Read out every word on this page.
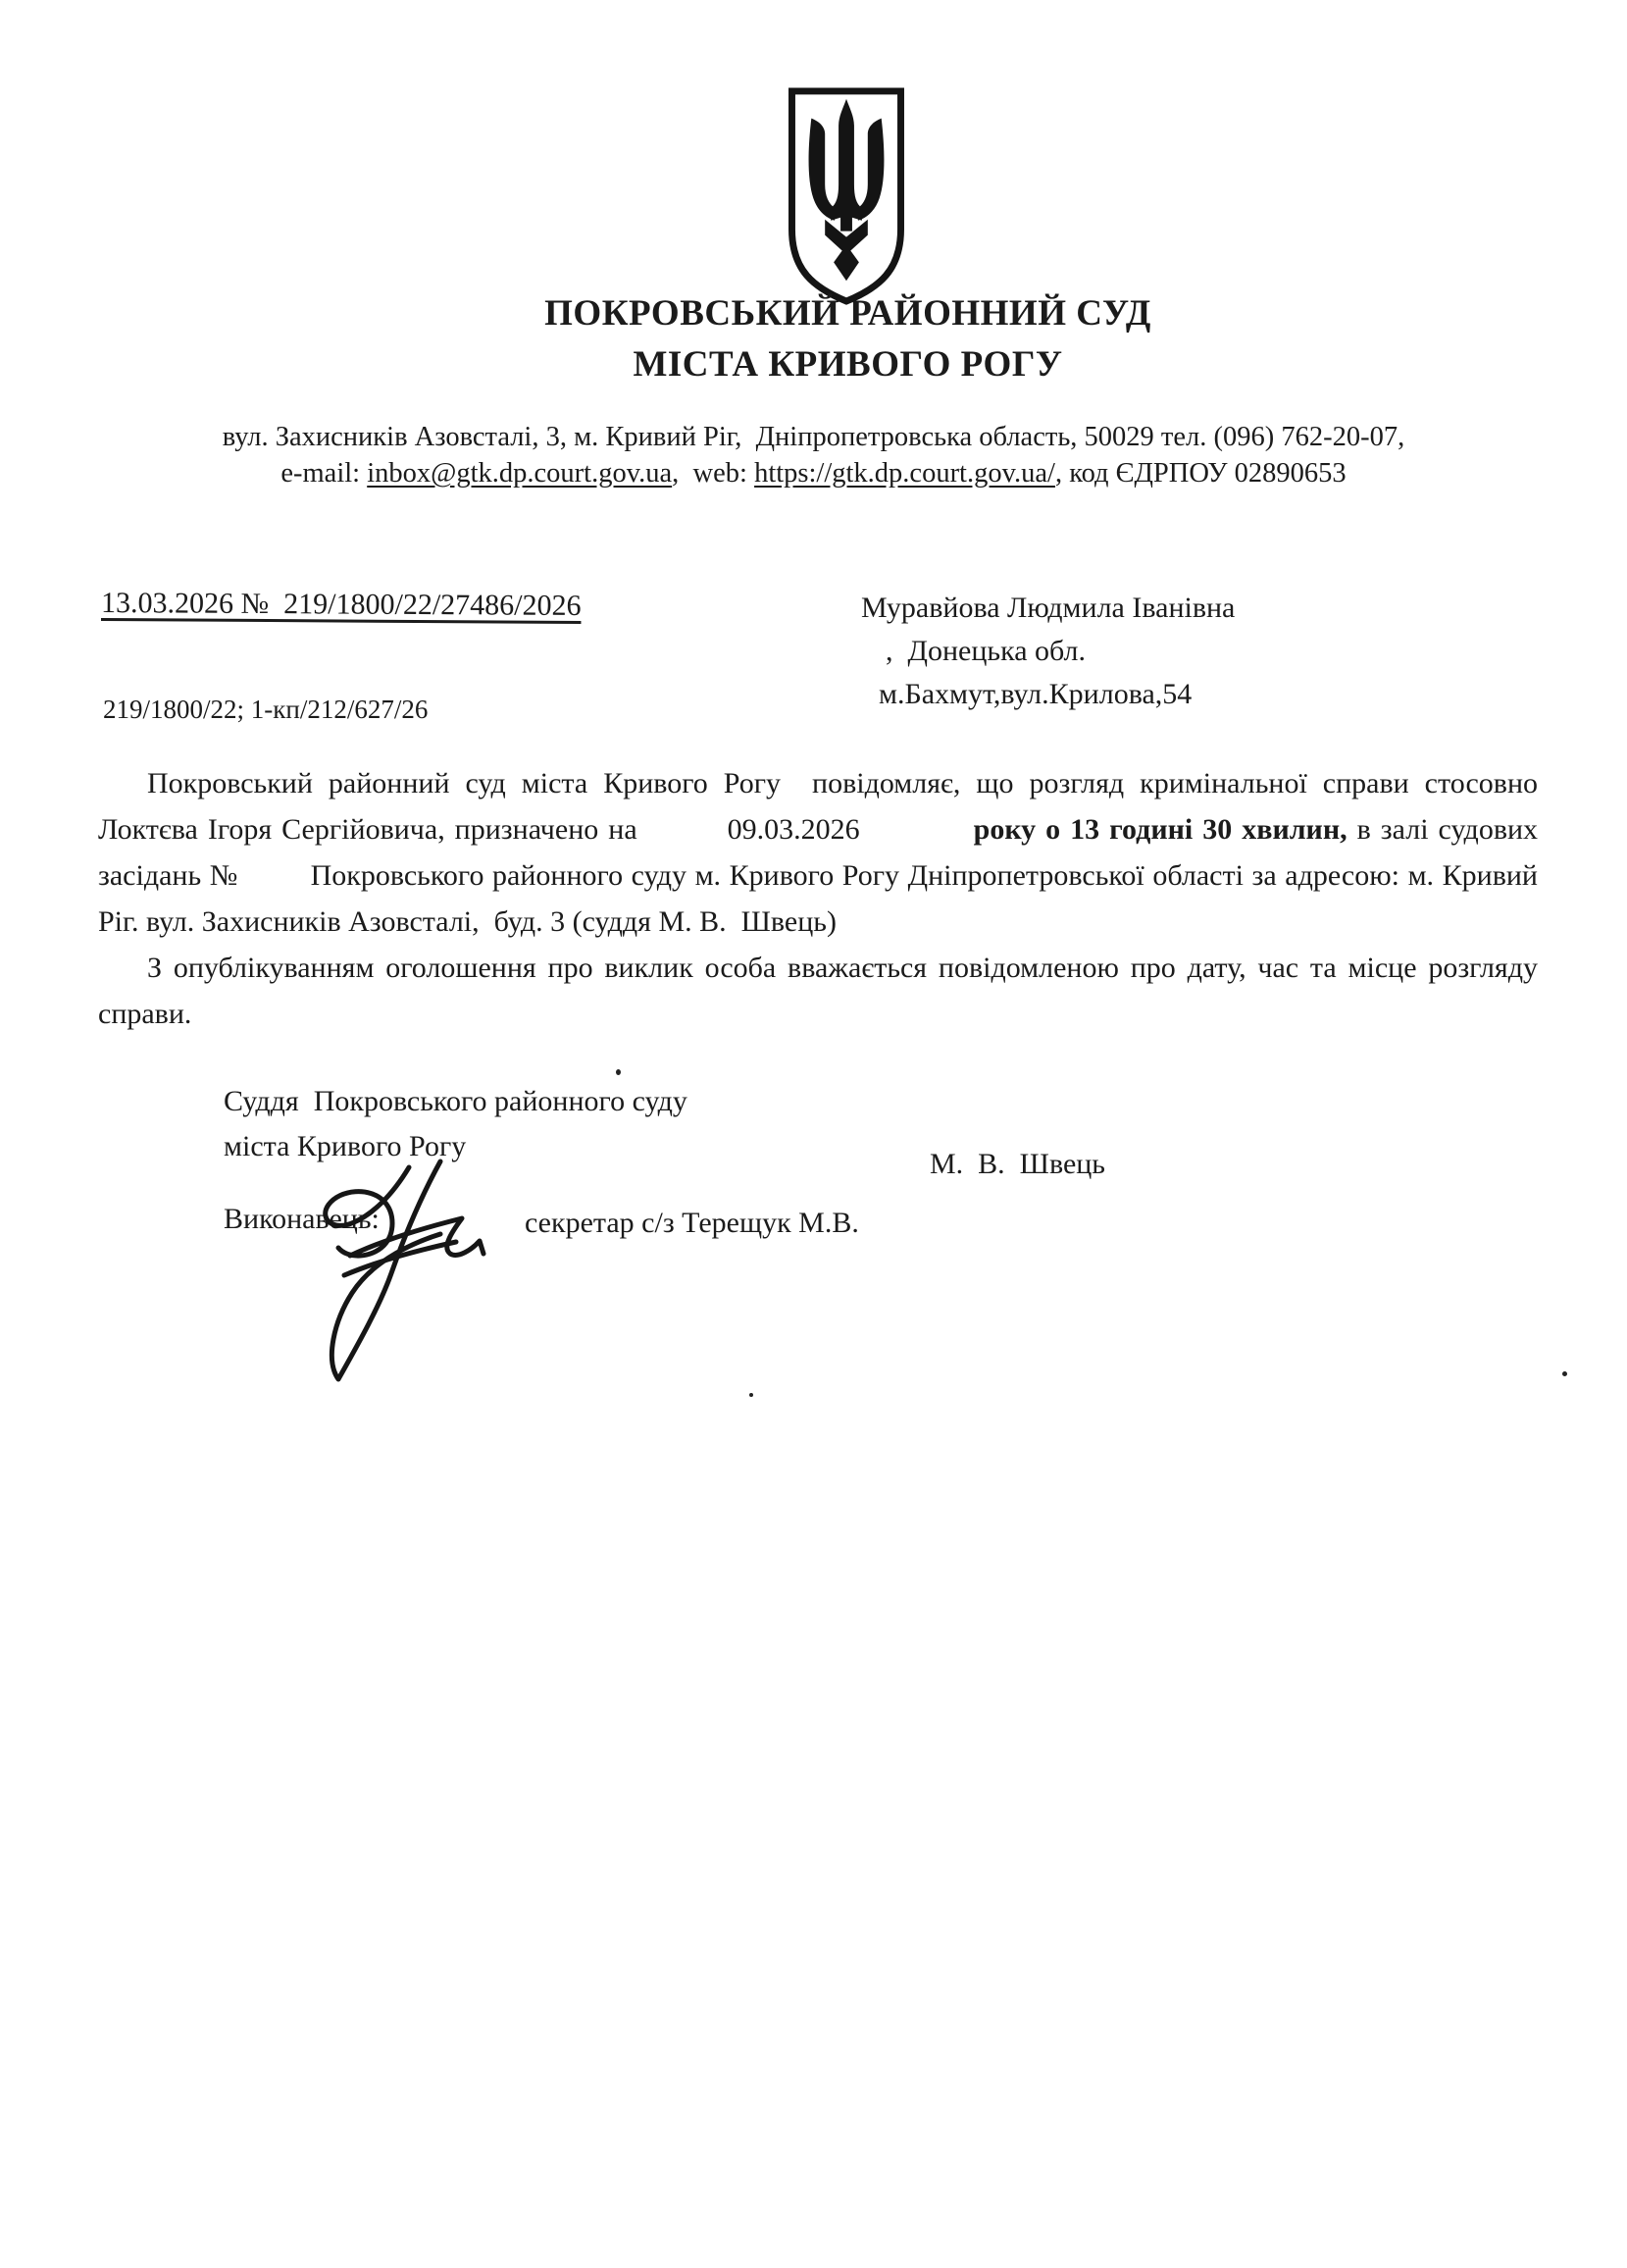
ПОКРОВСЬКИЙ РАЙОННИЙ СУД
МІСТА КРИВОГО РОГУ
вул. Захисників Азовсталі, 3, м. Кривий Ріг,  Дніпропетровська область, 50029 тел. (096) 762-20-07,
e-mail: inbox@gtk.dp.court.gov.ua,  web: https://gtk.dp.court.gov.ua/, код ЄДРПОУ 02890653
13.03.2026 №  219/1800/22/27486/2026	Муравйова Людмила Іванівна
,  Донецька обл.
м.Бахмут,вул.Крилова,54
219/1800/22; 1-кп/212/627/26

Покровський районний суд міста Кривого Рогу  повідомляє, що розгляд кримінальної справи стосовно Локтєва Ігоря Сергійовича, призначено на	09.03.2026	року о 13 годині 30 хвилин, в залі судових засідань № Покровського районного суду м. Кривого Рогу Дніпропетровської області за адресою: м. Кривий Ріг. вул. Захисників Азовсталі,  буд. 3 (суддя М. В.  Швець)

З опублікуванням оголошення про виклик особа вважається повідомленою про дату, час та місце розгляду справи.

Суддя  Покровського районного суду
міста Кривого Рогу
М.  В.  Швець
Виконавець:	секретар с/з Терещук М.В.
